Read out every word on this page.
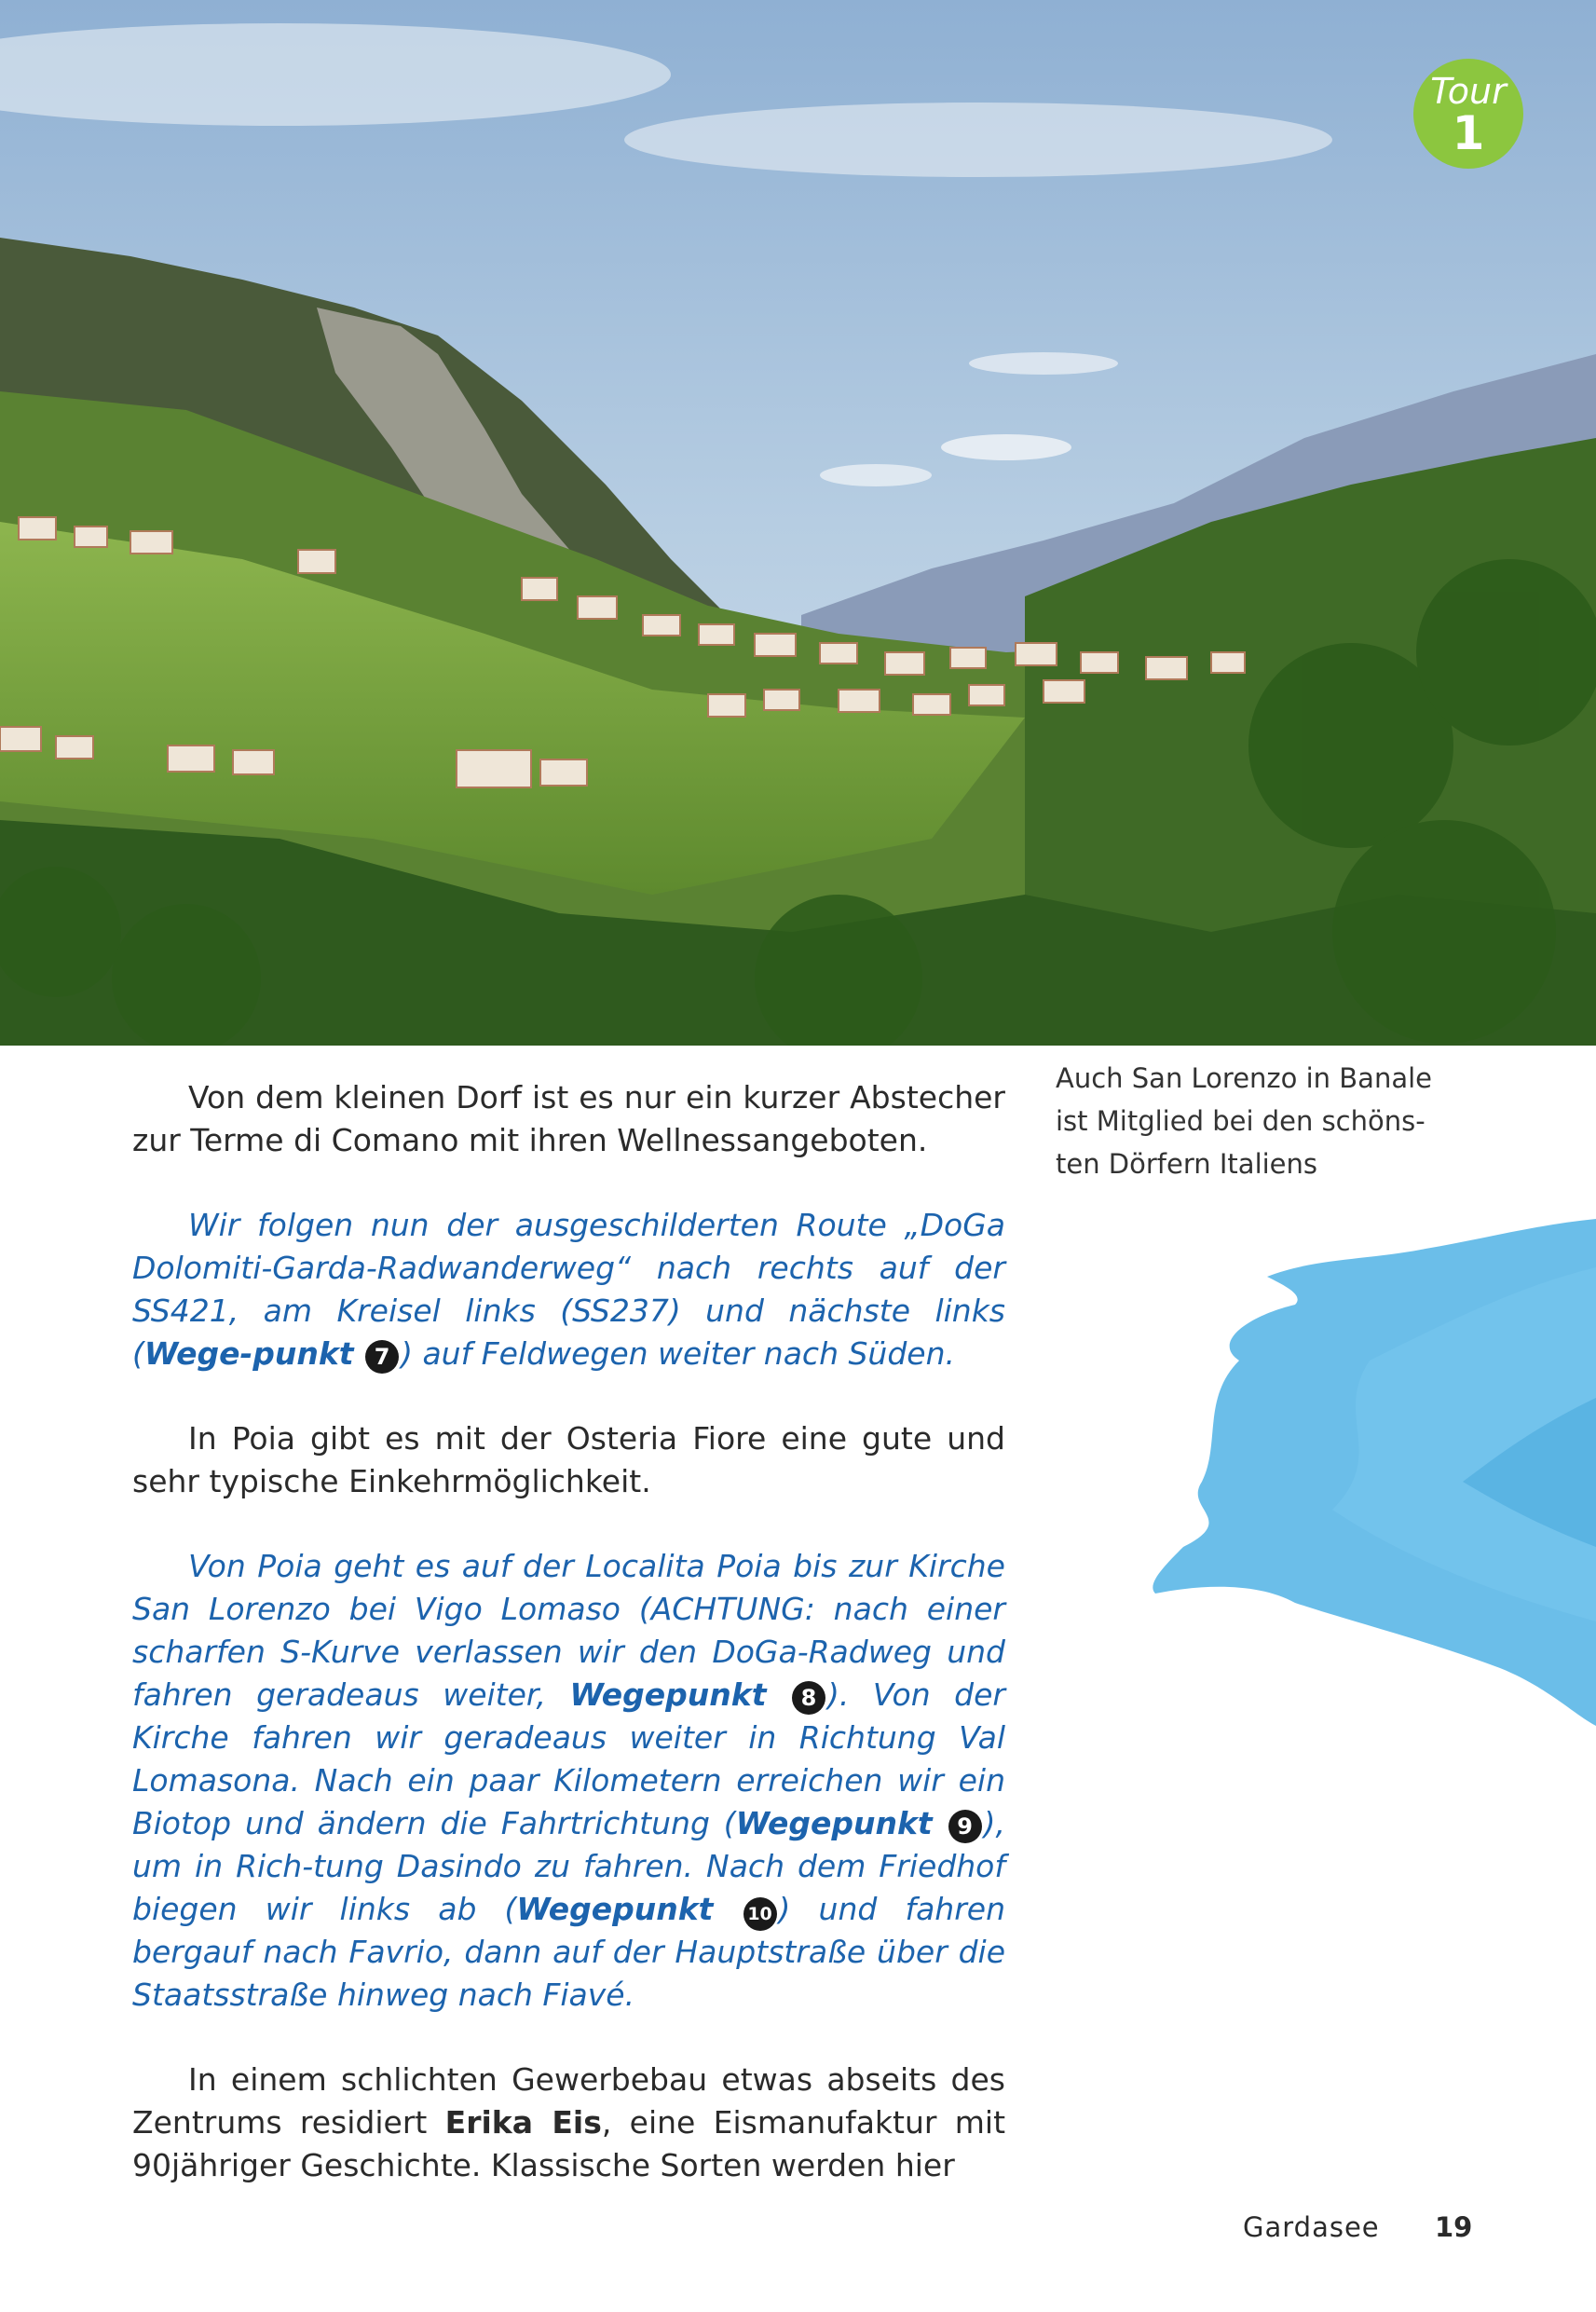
Tour
1

Von dem kleinen Dorf ist es nur ein kurzer Abstecher zur Terme di Comano mit ihren Wellnessangeboten.

Wir folgen nun der ausgeschilderten Route „DoGa Dolomiti-Garda-Radwanderweg“ nach rechts auf der SS421, am Kreisel links (SS237) und nächste links (Wege-punkt 7 ) auf Feldwegen weiter nach Süden.

In Poia gibt es mit der Osteria Fiore eine gute und sehr typische Einkehrmöglichkeit.

Von Poia geht es auf der Localita Poia bis zur Kirche San Lorenzo bei Vigo Lomaso (ACHTUNG: nach einer scharfen S-Kurve verlassen wir den DoGa-Radweg und fahren geradeaus weiter, Wegepunkt 8 ). Von der Kirche fahren wir geradeaus weiter in Richtung Val Lomasona. Nach ein paar Kilometern erreichen wir ein Biotop und ändern die Fahrtrichtung (Wegepunkt 9 ), um in Rich-tung Dasindo zu fahren. Nach dem Friedhof biegen wir links ab (Wegepunkt 10 ) und fahren bergauf nach Favrio, dann auf der Hauptstraße über die Staatsstraße hinweg nach Fiavé.

In einem schlichten Gewerbebau etwas abseits des Zentrums residiert Erika Eis, eine Eismanufaktur mit 90jähriger Geschichte. Klassische Sorten werden hier

Auch San Lorenzo in Banale
ist Mitglied bei den schöns-
ten Dörfern Italiens
Gardasee 19
